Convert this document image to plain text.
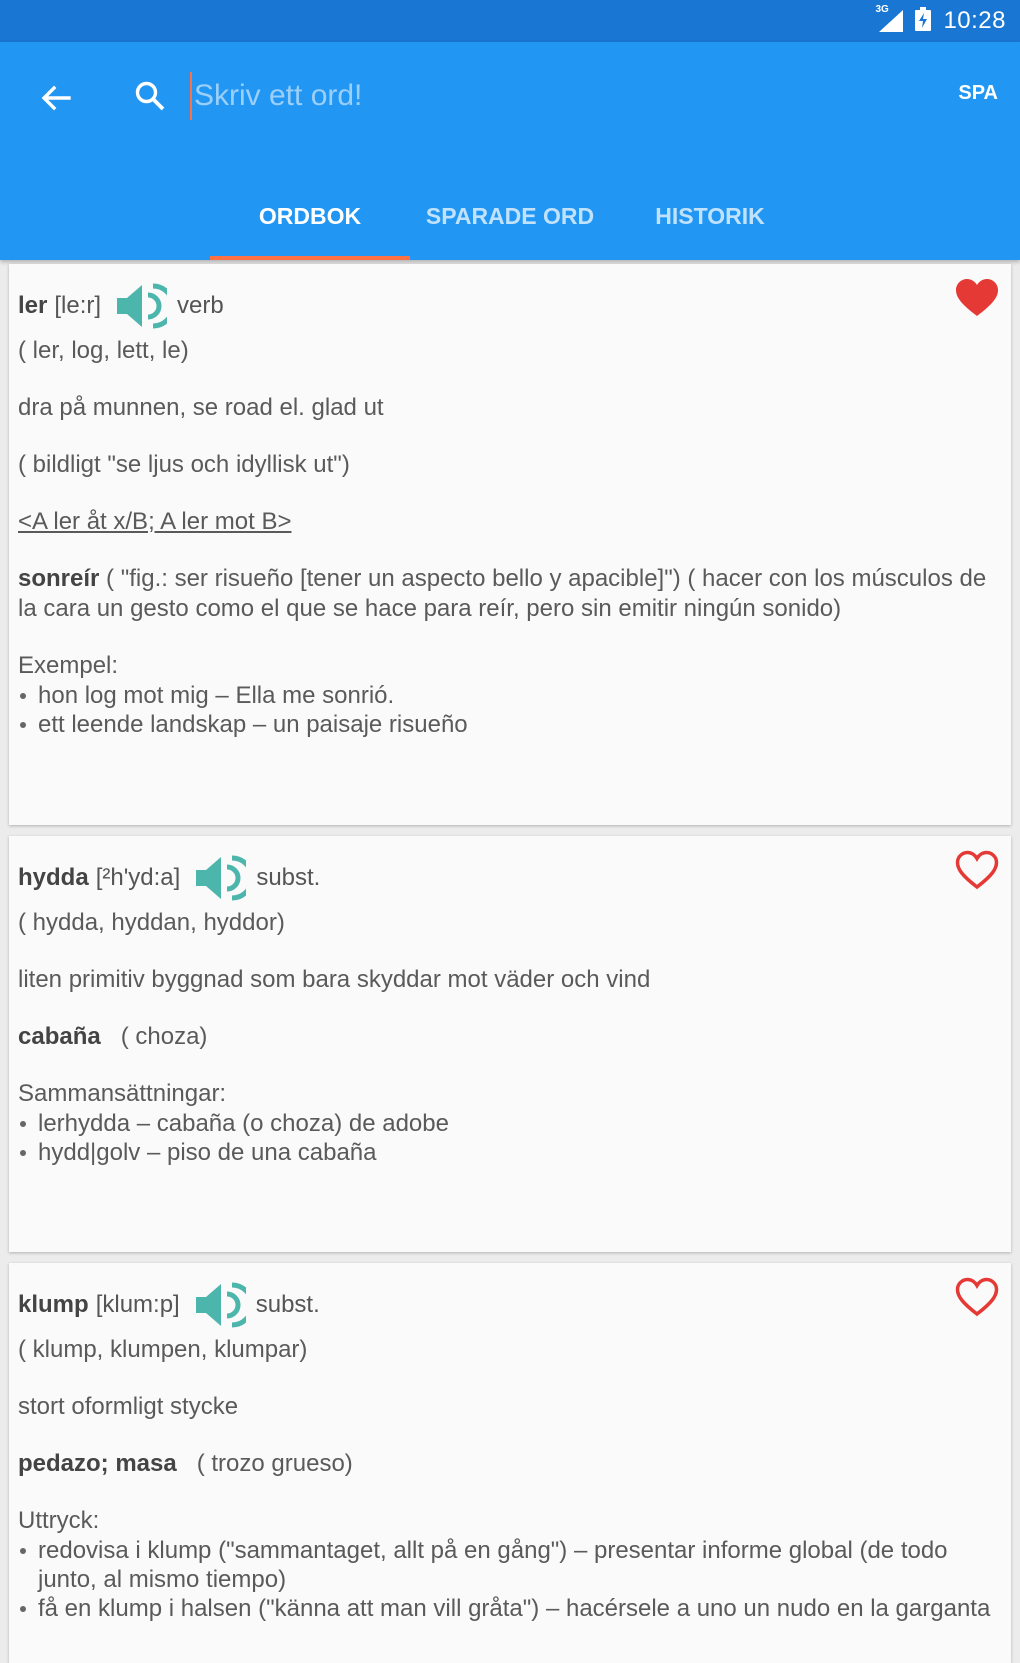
3G 10:28
Skriv ett ord!
SPA
ORDBOK	SPARADE ORD	HISTORIK
ler [le:r]	verb
( ler, log, lett, le)
dra på munnen, se road el. glad ut
( bildligt "se ljus och idyllisk ut")
<A ler åt x/B; A ler mot B>
sonreír ( "fig.: ser risueño [tener un aspecto bello y apacible]") ( hacer con los músculos de la cara un gesto como el que se hace para reír, pero sin emitir ningún sonido)
Exempel:
hon log mot mig – Ella me sonrió.
ett leende landskap – un paisaje risueño
hydda [²h'yd:a]	subst.
( hydda, hyddan, hyddor)
liten primitiv byggnad som bara skyddar mot väder och vind
cabaña   ( choza)
Sammansättningar:
lerhydda – cabaña (o choza) de adobe
hydd|golv – piso de una cabaña
klump [klum:p]	subst.
( klump, klumpen, klumpar)
stort oformligt stycke
pedazo; masa   ( trozo grueso)
Uttryck:
redovisa i klump ("sammantaget, allt på en gång") – presentar informe global (de todo junto, al mismo tiempo)
få en klump i halsen ("känna att man vill gråta") – hacérsele a uno un nudo en la garganta
